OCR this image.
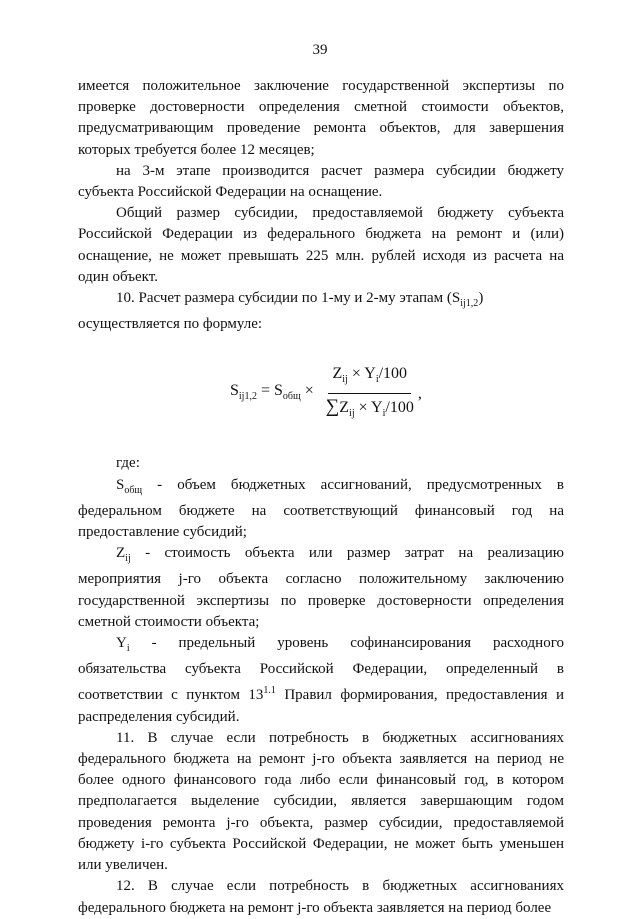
39

имеется положительное заключение государственной экспертизы по проверке достоверности определения сметной стоимости объектов, предусматривающим проведение ремонта объектов, для завершения которых требуется более 12 месяцев;

на 3-м этапе производится расчет размера субсидии бюджету субъекта Российской Федерации на оснащение.

Общий размер субсидии, предоставляемой бюджету субъекта Российской Федерации из федерального бюджета на ремонт и (или) оснащение, не может превышать 225 млн. рублей исходя из расчета на один объект.

10. Расчет размера субсидии по 1-му и 2-му этапам $(S_{ij1,2})$

осуществляется по формуле:

$S_{ij1,2} = S_{общ} \times \frac{Z_{ij} \times Y_i/100}{\sum Z_{ij} \times Y_i/100}$ ,

где:

$S_{общ}$ - объем бюджетных ассигнований, предусмотренных в федеральном бюджете на соответствующий финансовый год на предоставление субсидий;

$Z_{ij}$ - стоимость объекта или размер затрат на реализацию мероприятия j-го объекта согласно положительному заключению государственной экспертизы по проверке достоверности определения сметной стоимости объекта;

$Y_i$ - предельный уровень софинансирования расходного обязательства субъекта Российской Федерации, определенный в соответствии с пунктом $13^{1.1}$ Правил формирования, предоставления и распределения субсидий.

11. В случае если потребность в бюджетных ассигнованиях федерального бюджета на ремонт j-го объекта заявляется на период не более одного финансового года либо если финансовый год, в котором предполагается выделение субсидии, является завершающим годом проведения ремонта j-го объекта, размер субсидии, предоставляемой бюджету i-го субъекта Российской Федерации, не может быть уменьшен или увеличен.

12. В случае если потребность в бюджетных ассигнованиях федерального бюджета на ремонт j-го объекта заявляется на период более
